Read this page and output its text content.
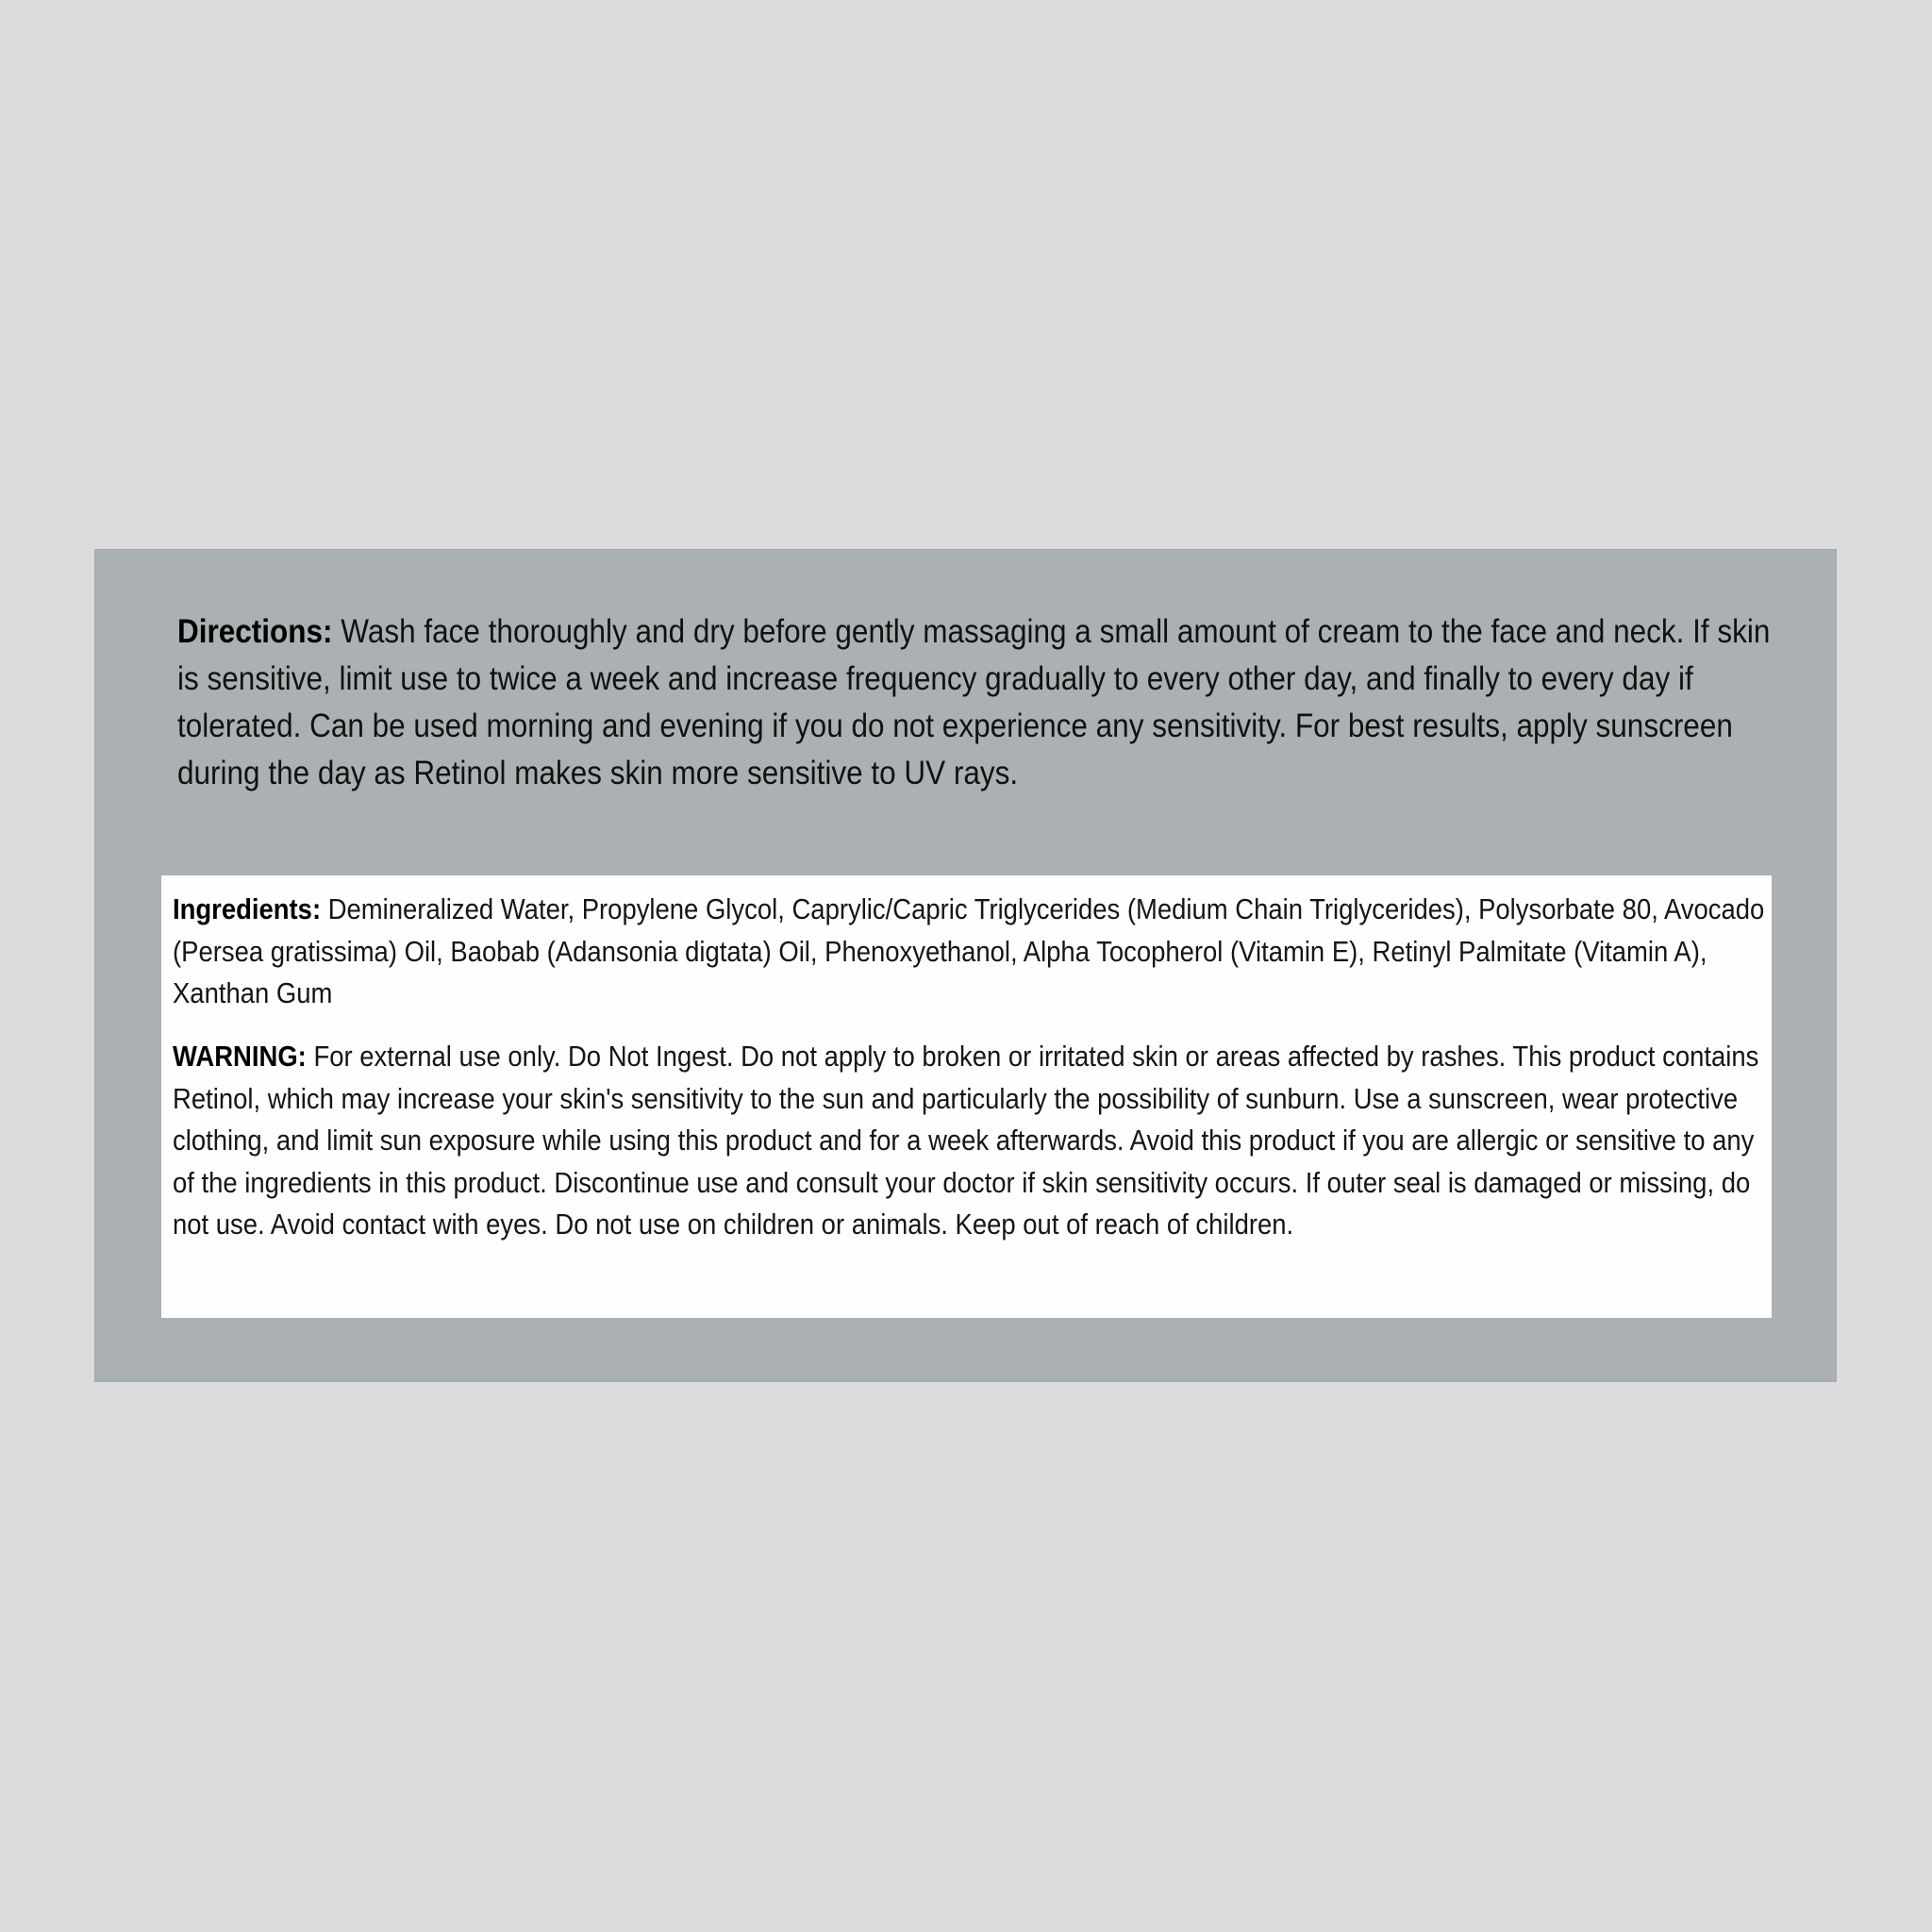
Directions: Wash face thoroughly and dry before gently massaging a small amount of cream to the face and neck. If skin is sensitive, limit use to twice a week and increase frequency gradually to every other day, and finally to every day if tolerated. Can be used morning and evening if you do not experience any sensitivity. For best results, apply sunscreen during the day as Retinol makes skin more sensitive to UV rays.

Ingredients: Demineralized Water, Propylene Glycol, Caprylic/Capric Triglycerides (Medium Chain Triglycerides), Polysorbate 80, Avocado (Persea gratissima) Oil, Baobab (Adansonia digtata) Oil, Phenoxyethanol, Alpha Tocopherol (Vitamin E), Retinyl Palmitate (Vitamin A), Xanthan Gum

WARNING: For external use only. Do Not Ingest. Do not apply to broken or irritated skin or areas affected by rashes. This product contains Retinol, which may increase your skin's sensitivity to the sun and particularly the possibility of sunburn. Use a sunscreen, wear protective clothing, and limit sun exposure while using this product and for a week afterwards. Avoid this product if you are allergic or sensitive to any of the ingredients in this product. Discontinue use and consult your doctor if skin sensitivity occurs. If outer seal is damaged or missing, do not use. Avoid contact with eyes. Do not use on children or animals. Keep out of reach of children.
